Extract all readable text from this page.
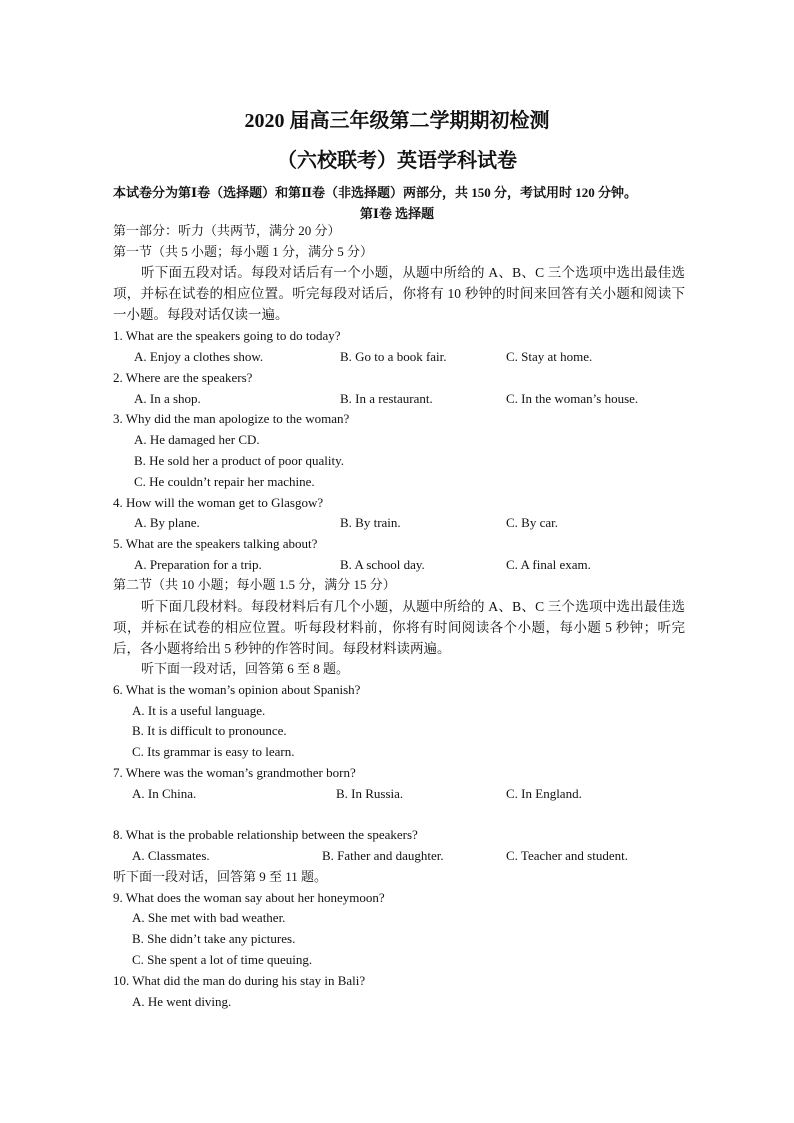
2020 届高三年级第二学期期初检测
（六校联考）英语学科试卷
本试卷分为第Ⅰ卷（选择题）和第Ⅱ卷（非选择题）两部分，共 150 分，考试用时 120 分钟。
第Ⅰ卷 选择题
第一部分：听力（共两节，满分 20 分）
第一节（共 5 小题；每小题 1 分，满分 5 分）
听下面五段对话。每段对话后有一个小题，从题中所给的 A、B、C 三个选项中选出最佳选项，并标在试卷的相应位置。听完每段对话后，你将有 10 秒钟的时间来回答有关小题和阅读下一小题。每段对话仅读一遍。
1. What are the speakers going to do today?
A. Enjoy a clothes show.	B. Go to a book fair.	C. Stay at home.
2. Where are the speakers?
A. In a shop.	B. In a restaurant.	C. In the woman’s house.
3. Why did the man apologize to the woman?
A. He damaged her CD.
B. He sold her a product of poor quality.
C. He couldn’t repair her machine.
4. How will the woman get to Glasgow?
A. By plane.	B. By train.	C. By car.
5. What are the speakers talking about?
A. Preparation for a trip.	B. A school day.	C. A final exam.
第二节（共 10 小题；每小题 1.5 分，满分 15 分）
听下面几段材料。每段材料后有几个小题，从题中所给的 A、B、C 三个选项中选出最佳选项，并标在试卷的相应位置。听每段材料前，你将有时间阅读各个小题，每小题 5 秒钟；听完后，各小题将给出 5 秒钟的作答时间。每段材料读两遍。
听下面一段对话，回答第 6 至 8 题。
6. What is the woman’s opinion about Spanish?
A. It is a useful language.
B. It is difficult to pronounce.
C. Its grammar is easy to learn.
7. Where was the woman’s grandmother born?
A. In China.	B. In Russia.	C. In England.
8. What is the probable relationship between the speakers?
A. Classmates.	B. Father and daughter.	C. Teacher and student.
听下面一段对话，回答第 9 至 11 题。
9. What does the woman say about her honeymoon?
A. She met with bad weather.
B. She didn’t take any pictures.
C. She spent a lot of time queuing.
10. What did the man do during his stay in Bali?
A. He went diving.
